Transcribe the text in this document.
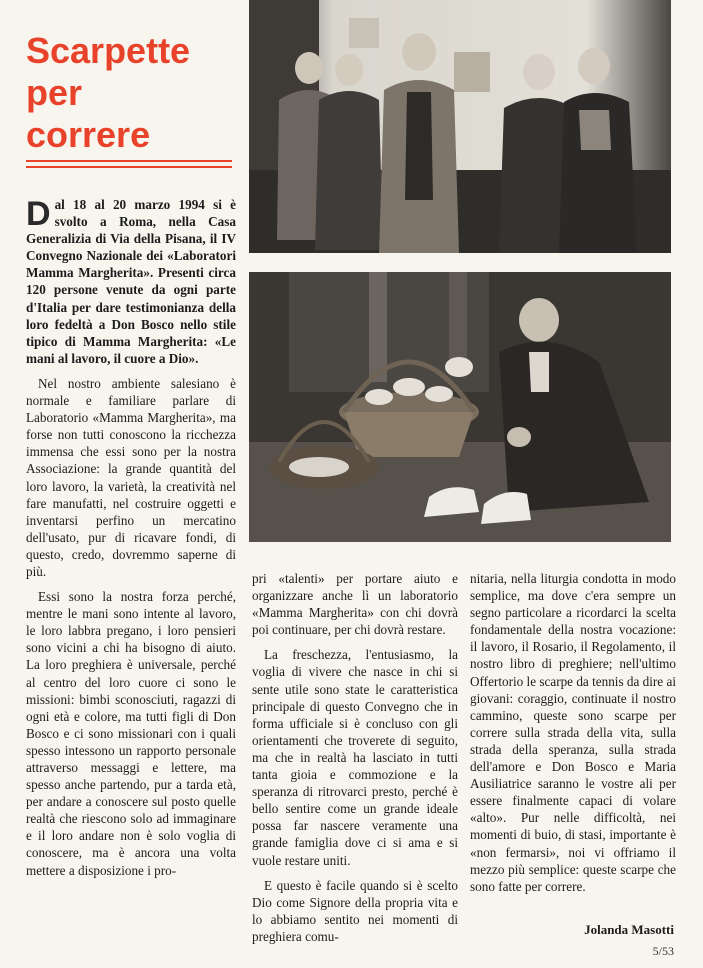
Scarpette
per
correre

Dal 18 al 20 marzo 1994 si è svolto a Roma, nella Casa Generalizia di Via della Pisana, il IV Convegno Nazionale dei «Laboratori Mamma Margherita». Presenti circa 120 persone venute da ogni parte d'Italia per dare testimonianza della loro fedeltà a Don Bosco nello stile tipico di Mamma Margherita: «Le mani al lavoro, il cuore a Dio».

Nel nostro ambiente salesiano è normale e familiare parlare di Laboratorio «Mamma Margherita», ma forse non tutti conoscono la ricchezza immensa che essi sono per la nostra Associazione: la grande quantità del loro lavoro, la varietà, la creatività nel fare manufatti, nel costruire oggetti e inventarsi perfino un mercatino dell'usato, pur di ricavare fondi, di questo, credo, dovremmo saperne di più.

Essi sono la nostra forza perché, mentre le mani sono intente al lavoro, le loro labbra pregano, i loro pensieri sono vicini a chi ha bisogno di aiuto. La loro preghiera è universale, perché al centro del loro cuore ci sono le missioni: bimbi sconosciuti, ragazzi di ogni età e colore, ma tutti figli di Don Bosco e ci sono missionari con i quali spesso intessono un rapporto personale attraverso messaggi e lettere, ma spesso anche partendo, pur a tarda età, per andare a conoscere sul posto quelle realtà che riescono solo ad immaginare e il loro andare non è solo voglia di conoscere, ma è ancora una volta mettere a disposizione i pro-

pri «talenti» per portare aiuto e organizzare anche lì un laboratorio «Mamma Margherita» con chi dovrà poi continuare, per chi dovrà restare.

La freschezza, l'entusiasmo, la voglia di vivere che nasce in chi si sente utile sono state le caratteristica principale di questo Convegno che in forma ufficiale si è concluso con gli orientamenti che troverete di seguito, ma che in realtà ha lasciato in tutti tanta gioia e commozione e la speranza di ritrovarci presto, perché è bello sentire come un grande ideale possa far nascere veramente una grande famiglia dove ci si ama e si vuole restare uniti.

E questo è facile quando si è scelto Dio come Signore della propria vita e lo abbiamo sentito nei momenti di preghiera comu-

nitaria, nella liturgia condotta in modo semplice, ma dove c'era sempre un segno particolare a ricordarci la scelta fondamentale della nostra vocazione: il lavoro, il Rosario, il Regolamento, il nostro libro di preghiere; nell'ultimo Offertorio le scarpe da tennis da dire ai giovani: coraggio, continuate il nostro cammino, queste sono scarpe per correre sulla strada della vita, sulla strada della speranza, sulla strada dell'amore e Don Bosco e Maria Ausiliatrice saranno le vostre ali per essere finalmente capaci di volare «alto». Pur nelle difficoltà, nei momenti di buio, di stasi, importante è «non fermarsi», noi vi offriamo il mezzo più semplice: queste scarpe che sono fatte per correre.

Jolanda Masotti
5/53
